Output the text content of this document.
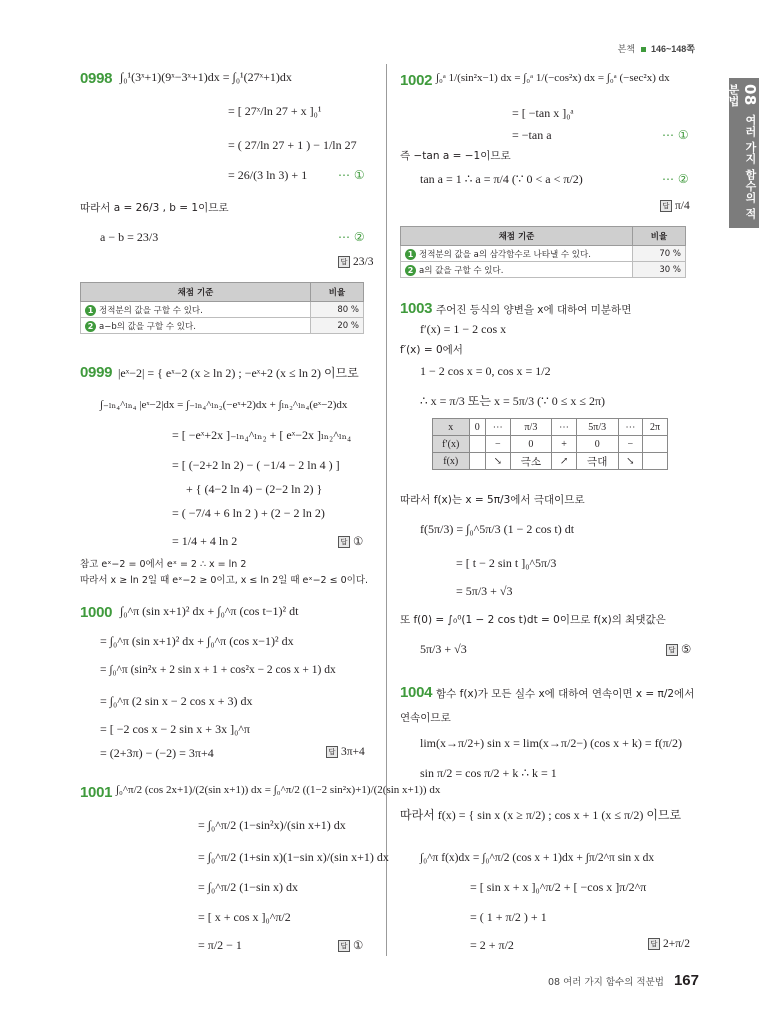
본책 146~148쪽
08 여러 가지 함수의 적분법
0998 ∫₀¹(3ˣ+1)(9ˣ−3ˣ+1)dx = ∫₀¹(27ˣ+1)dx
= [ 27ˣ/ln 27 + x ]₀¹
= ( 27/ln 27 + 1 ) − 1/ln 27
= 26/(3 ln 3) + 1	⋯ ①
따라서 a = 26/3 , b = 1이므로
a − b = 23/3	⋯ ②
답 23/3
채점 기준	비율
1 정적분의 값을 구할 수 있다.	80 %
2 a−b의 값을 구할 수 있다.	20 %
0999 |eˣ−2| = { eˣ−2 (x ≥ ln 2) ; −eˣ+2 (x ≤ ln 2) 이므로
∫₋ₗₙ₄^ₗₙ₄ |eˣ−2|dx = ∫₋ₗₙ₄^ₗₙ₂(−eˣ+2)dx + ∫ₗₙ₂^ₗₙ₄(eˣ−2)dx
= [ −eˣ+2x ]₋ₗₙ₄^ₗₙ₂ + [ eˣ−2x ]ₗₙ₂^ₗₙ₄
= [ (−2+2 ln 2) − ( −1/4 − 2 ln 4 ) ]
+ { (4−2 ln 4) − (2−2 ln 2) }
= ( −7/4 + 6 ln 2 ) + (2 − 2 ln 2)
= 1/4 + 4 ln 2	답 ①
참고 eˣ−2 = 0에서 eˣ = 2 ∴ x = ln 2
따라서 x ≥ ln 2일 때 eˣ−2 ≥ 0이고, x ≤ ln 2일 때 eˣ−2 ≤ 0이다.
1000 ∫₀^π (sin x+1)² dx + ∫₀^π (cos t−1)² dt
= ∫₀^π (sin x+1)² dx + ∫₀^π (cos x−1)² dx
= ∫₀^π (sin²x + 2 sin x + 1 + cos²x − 2 cos x + 1) dx
= ∫₀^π (2 sin x − 2 cos x + 3) dx
= [ −2 cos x − 2 sin x + 3x ]₀^π
= (2+3π) − (−2) = 3π+4	답 3π+4
1001 ∫₀^π/2 (cos 2x+1)/(2(sin x+1)) dx = ∫₀^π/2 ((1−2 sin²x)+1)/(2(sin x+1)) dx
= ∫₀^π/2 (1−sin²x)/(sin x+1) dx
= ∫₀^π/2 (1+sin x)(1−sin x)/(sin x+1) dx
= ∫₀^π/2 (1−sin x) dx
= [ x + cos x ]₀^π/2
= π/2 − 1	답 ①
1002 ∫₀ᵃ 1/(sin²x−1) dx = ∫₀ᵃ 1/(−cos²x) dx = ∫₀ᵃ (−sec²x) dx
= [ −tan x ]₀ᵃ
= −tan a	⋯ ①
즉 −tan a = −1이므로
tan a = 1 ∴ a = π/4 (∵ 0 < a < π/2)	⋯ ②
답 π/4
채점 기준	비율
1 정적분의 값을 a의 삼각함수로 나타낼 수 있다.	70 %
2 a의 값을 구할 수 있다.	30 %
1003 주어진 등식의 양변을 x에 대하여 미분하면
f′(x) = 1 − 2 cos x
f′(x) = 0에서
1 − 2 cos x = 0, cos x = 1/2
∴ x = π/3 또는 x = 5π/3 (∵ 0 ≤ x ≤ 2π)
x	0	⋯	π/3	⋯	5π/3	⋯	2π
f′(x)		−	0	+	0	−	
f(x)		↘	극소	↗	극대	↘	
따라서 f(x)는 x = 5π/3에서 극대이므로
f(5π/3) = ∫₀^5π/3 (1 − 2 cos t) dt
= [ t − 2 sin t ]₀^5π/3
= 5π/3 + √3
또 f(0) = ∫₀⁰(1 − 2 cos t)dt = 0이므로 f(x)의 최댓값은
5π/3 + √3	답 ⑤
1004 함수 f(x)가 모든 실수 x에 대하여 연속이면 x = π/2에서
연속이므로
lim(x→π/2+) sin x = lim(x→π/2−) (cos x + k) = f(π/2)
sin π/2 = cos π/2 + k ∴ k = 1
따라서 f(x) = { sin x (x ≥ π/2) ; cos x + 1 (x ≤ π/2) 이므로
∫₀^π f(x)dx = ∫₀^π/2 (cos x + 1)dx + ∫π/2^π sin x dx
= [ sin x + x ]₀^π/2 + [ −cos x ]π/2^π
= ( 1 + π/2 ) + 1
= 2 + π/2	답 2+π/2
08 여러 가지 함수의 적분법 167
